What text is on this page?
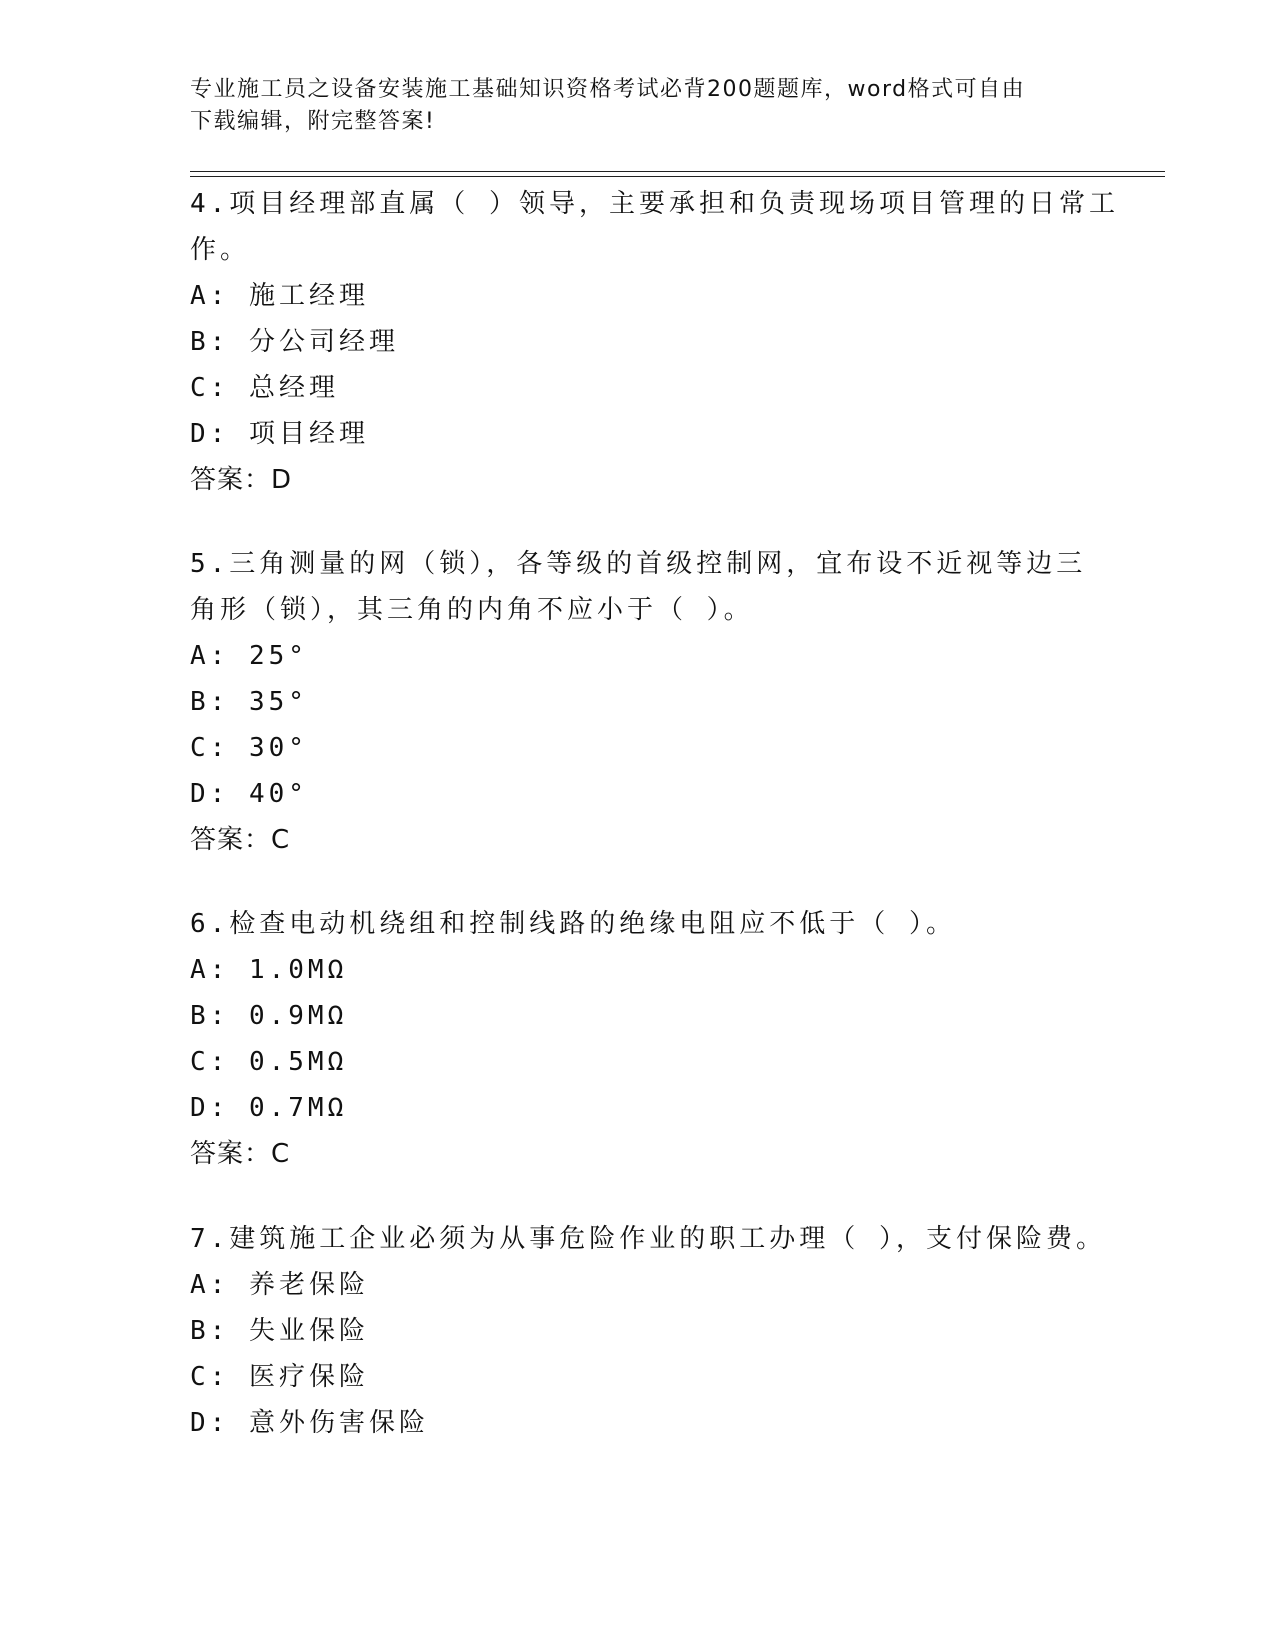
专业施工员之设备安装施工基础知识资格考试必背200题题库，word格式可自由
下载编辑，附完整答案!
4.项目经理部直属（ ）领导，主要承担和负责现场项目管理的日常工
作。
A: 施工经理
B: 分公司经理
C: 总经理
D: 项目经理
答案：D
5.三角测量的网（锁），各等级的首级控制网，宜布设不近视等边三
角形（锁），其三角的内角不应小于（ ）。
A: 25°
B: 35°
C: 30°
D: 40°
答案：C
6.检查电动机绕组和控制线路的绝缘电阻应不低于（ ）。
A: 1.0MΩ
B: 0.9MΩ
C: 0.5MΩ
D: 0.7MΩ
答案：C
7.建筑施工企业必须为从事危险作业的职工办理（ ），支付保险费。
A: 养老保险
B: 失业保险
C: 医疗保险
D: 意外伤害保险
